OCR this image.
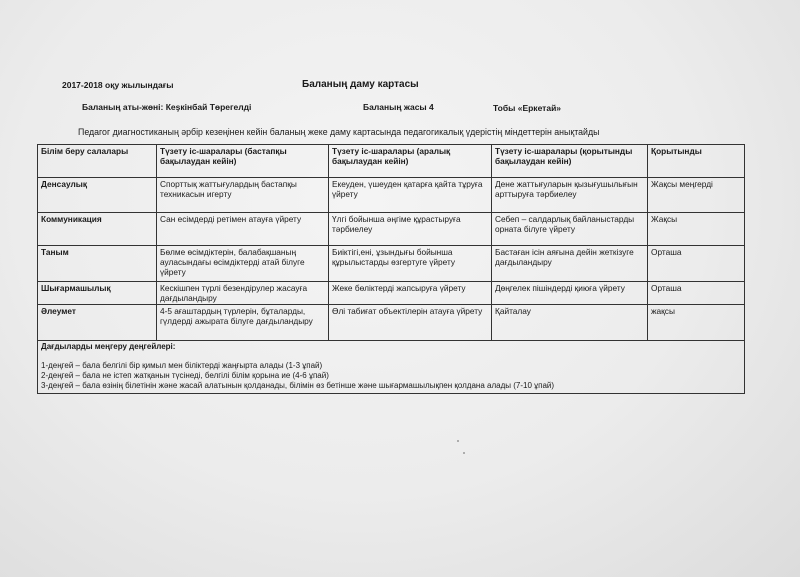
2017-2018 оқу жылындағы	Баланың даму картасы
Баланың аты-жөні: Кеşкінбай Төрегелді	Баланың жасы 4	Тобы «Еркетай»
Педагог диагностиканың әрбір кезеңінен кейін баланың жеке даму картасында педагогикалық үдерістің міндеттерін анықтайды
Білім беру салалары	Түзету іс-шаралары (бастапқы бақылаудан кейін)	Түзету іс-шаралары (аралық бақылаудан кейін)	Түзету іс-шаралары (қорытынды бақылаудан кейін)	Қорытынды
Денсаулық	Спорттық жаттығулардың бастапқы техникасын игерту	Екеуден, үшеуден қатарға қайта тұруға үйрету	Дене жаттығуларын қызығушылығын арттыруға тәрбиелеу	Жақсы меңгерді
Коммуникация	Сан есімдерді ретімен атауға үйрету	Үлгі бойынша әңгіме құрастыруға тәрбиелеу	Себеп – салдарлық байланыстарды орната білуге үйрету	Жақсы
Таным	Бөлме өсімдіктерін, балабақшаның ауласындағы өсімдіктерді атай білуге үйрету	Биіктігі,ені, ұзындығы бойынша құрылыстарды өзгертуге үйрету	Бастаған ісін аяғына дейін жеткізуге дағдыландыру	Орташа
Шығармашылық	Кескішпен түрлі безендірулер жасауға дағдыландыру	Жеке бөліктерді жапсыруға үйрету	Дөңгелек пішіндерді қиюға үйрету	Орташа
Әлеумет	4-5 ағаштардың түрлерін, бұталарды, гүлдерді ажырата білуге дағдыландыру	Өлі табиғат объектілерін атауға үйрету	Қайталау	жақсы

Дағдыларды меңгеру деңгейлері:
1-деңгей – бала белгілі бір қимыл мен біліктерді жаңғырта алады (1-3 ұпай)
2-деңгей – бала не істеп жатқанын түсінеді, белгілі білім қорына ие (4-6 ұпай)
3-деңгей – бала өзінің білетінін және жасай алатынын қолданады, білімін өз бетінше және шығармашылықпен қолдана алады (7-10 ұпай)				
